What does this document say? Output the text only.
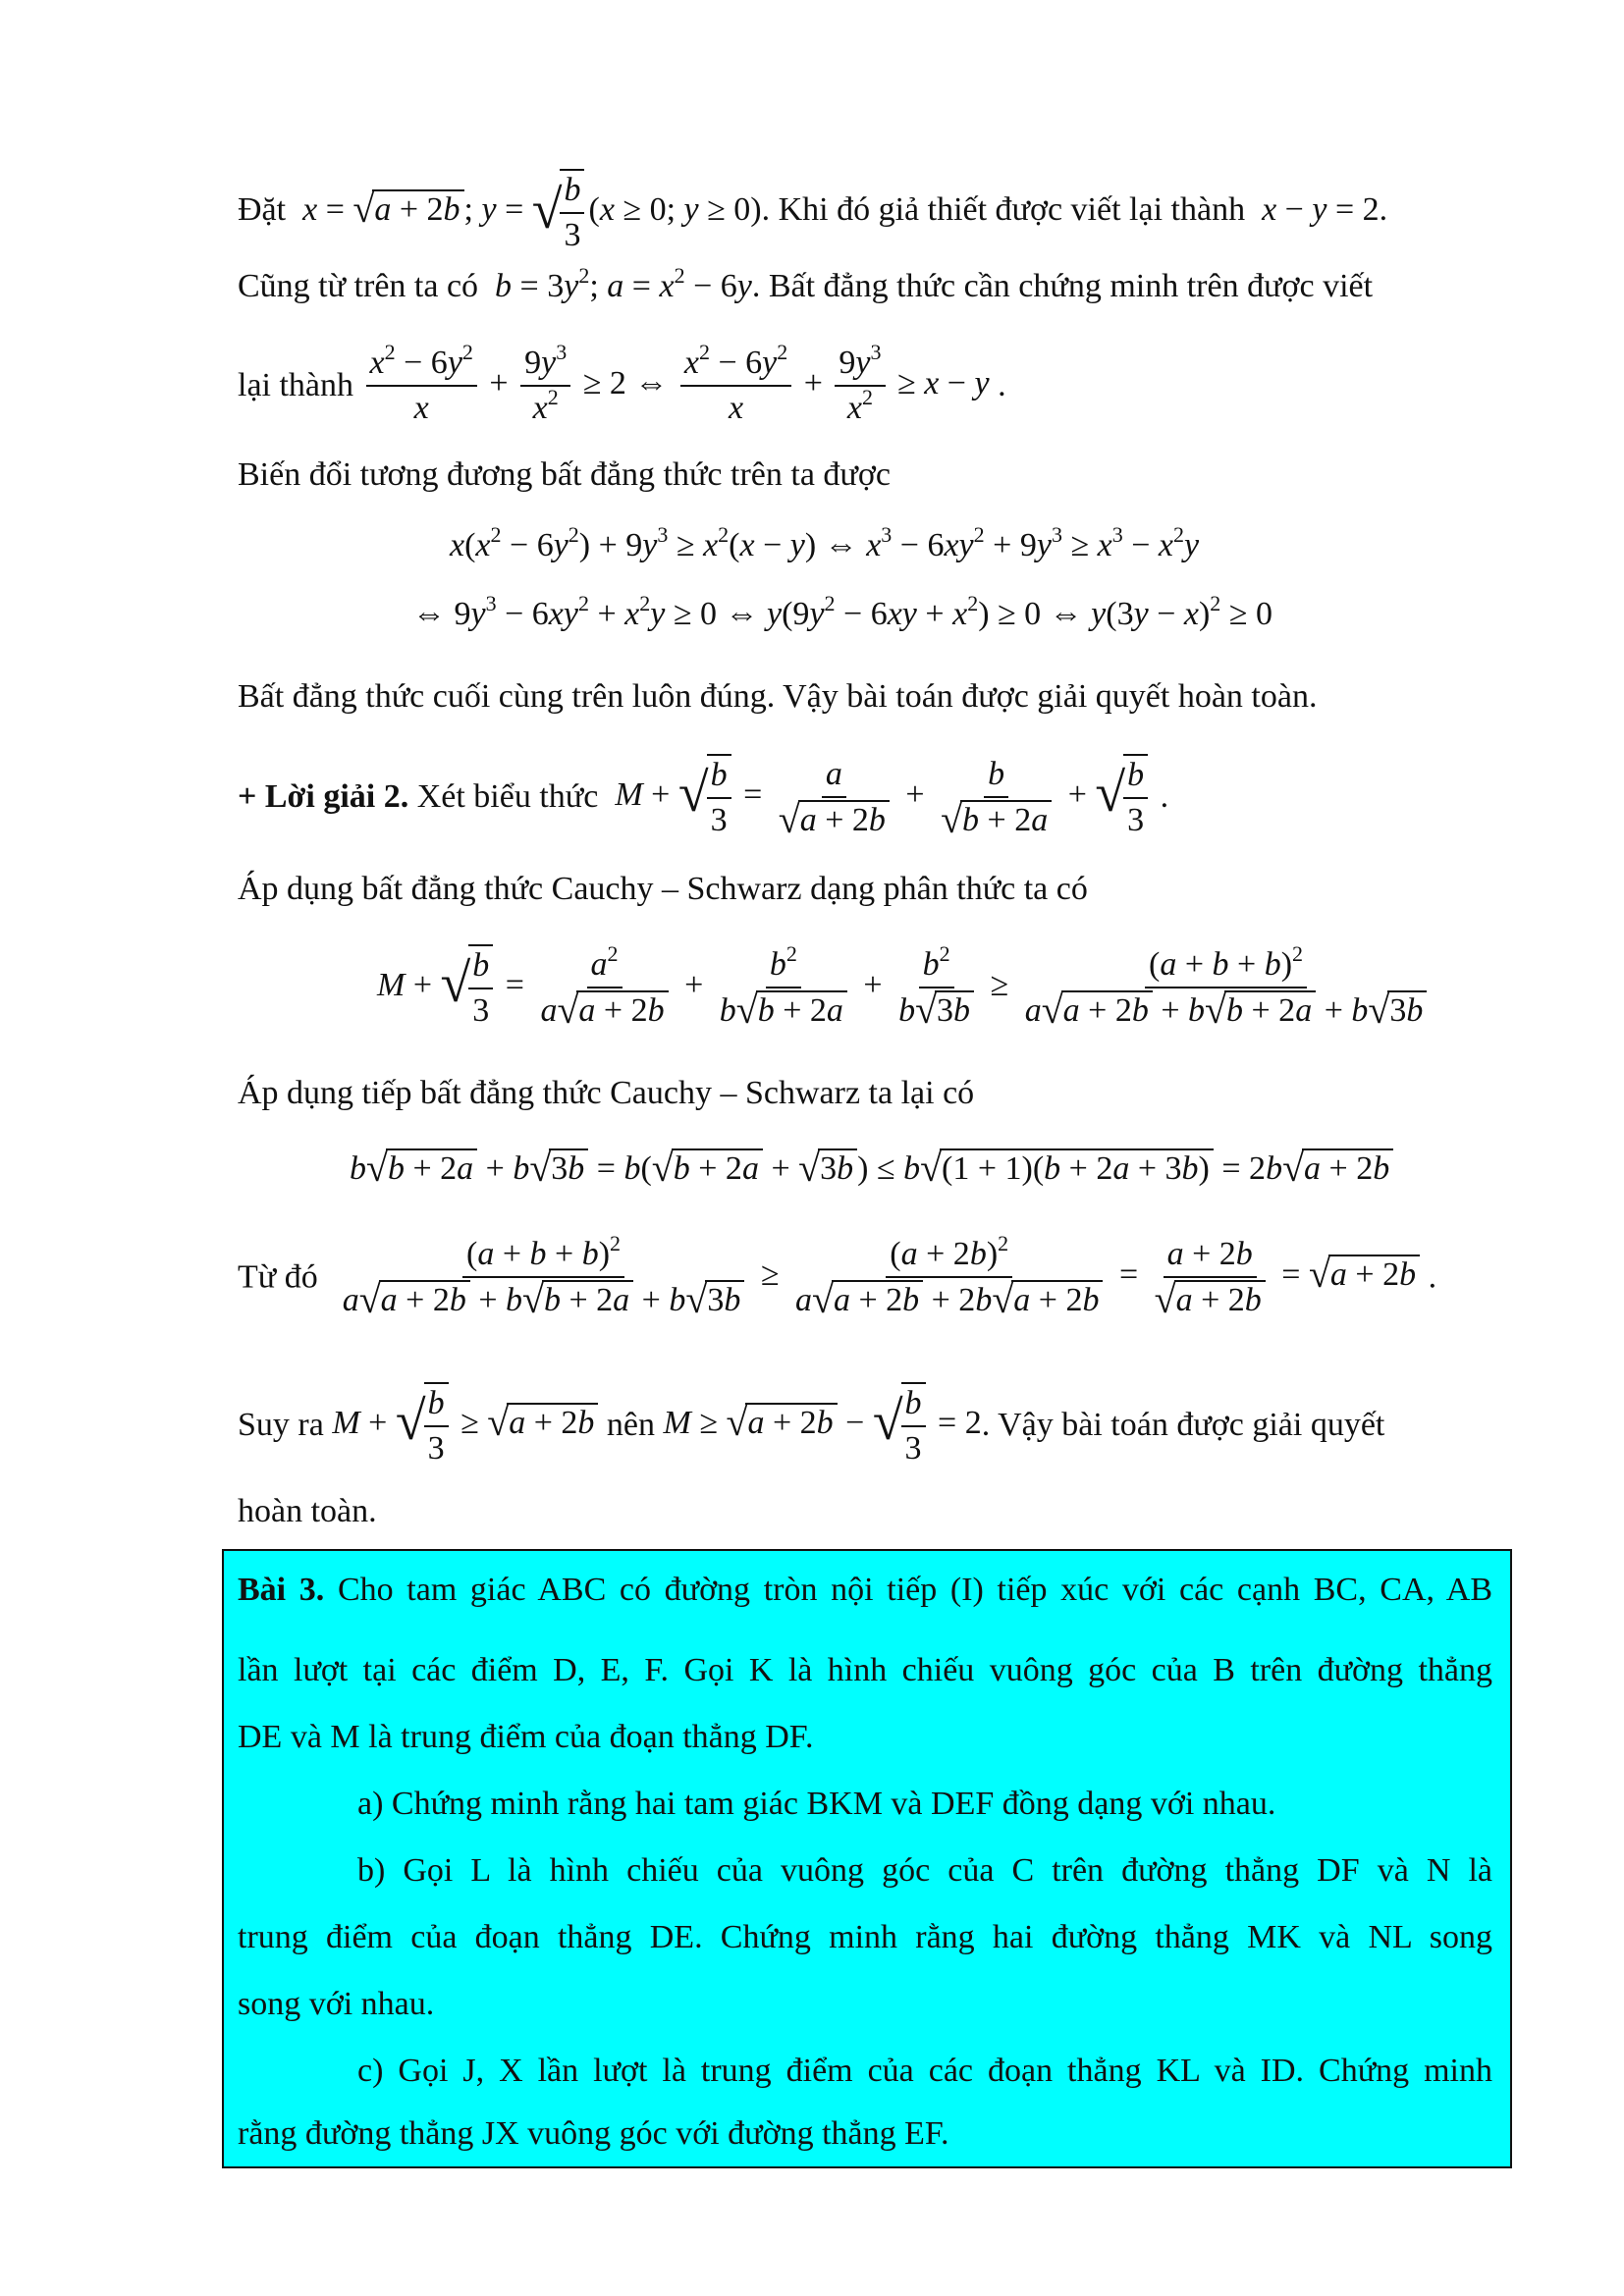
Đặt x = √a + 2b ; y = √
$\frac{b}{3} (x \ge 0$; y ≥ 0). Khi đó giả thiết được viết lại thành x − y = 2.
Cũng từ trên ta có $b = 3y^2$; $a = x^2 - 6y$. Bất đẳng thức cần chứng minh trên được viết
lại thành $\frac{x^2 - 6y^2}{x} + \frac{9y^3}{x^2} \ge 2$ ⇔ $\frac{x^2 - 6y^2}{x} + \frac{9y^3}{x^2} \ge x - y$ .
Biến đổi tương đương bất đẳng thức trên ta được
$x(x^2 - 6y^2) + 9y^3 \ge x^2(x - y)$ ⇔ $x^3 - 6xy^2 + 9y^3 \ge x^3 - x^2y$
⇔ $9y^3 - 6xy^2 + x^2y \ge 0$ ⇔ $y(9y^2 - 6xy + x^2) \ge 0$ ⇔ $y(3y - x)^2 \ge 0$
Bất đẳng thức cuối cùng trên luôn đúng. Vậy bài toán được giải quyết hoàn toàn.
+ Lời giải 2. Xét biểu thức M + √
$\frac{b}{3} = \frac{a}{√a + 2b} + \frac{b}{√b + 2a}$ + √
$\frac{b}{3}$ .
Áp dụng bất đẳng thức Cauchy – Schwarz dạng phân thức ta có
M + √
$\frac{b}{3} = \frac{a^2}{a√a + 2b} + \frac{b^2}{b√b + 2a} + \frac{b^2}{b√3b} \ge \frac{(a + b + b)^2}{a√a + 2b + b√b + 2a + b√3b}$
Áp dụng tiếp bất đẳng thức Cauchy – Schwarz ta lại có
b√b + 2a + b√3b = b(√b + 2a + √3b ) ≤ b√(1 + 1)(b + 2a + 3b) = 2b√a + 2b
Từ đó $\frac{(a + b + b)^2}{a√a + 2b + b√b + 2a + b√3b} \ge \frac{(a + 2b)^2}{a√a + 2b + 2b√a + 2b} = \frac{a + 2b}{√a + 2b} = √a + 2b$ .
Suy ra M + √
$\frac{b}{3} \ge √a + 2b$ nên M ≥ √a + 2b − √
$\frac{b}{3} = 2$. Vậy bài toán được giải quyết
hoàn toàn.
Bài 3. Cho tam giác ABC có đường tròn nội tiếp (I) tiếp xúc với các cạnh BC, CA, AB
lần lượt tại các điểm D, E, F. Gọi K là hình chiếu vuông góc của B trên đường thẳng
DE và M là trung điểm của đoạn thẳng DF.
a) Chứng minh rằng hai tam giác BKM và DEF đồng dạng với nhau.
b) Gọi L là hình chiếu của vuông góc của C trên đường thẳng DF và N là
trung điểm của đoạn thẳng DE. Chứng minh rằng hai đường thẳng MK và NL song
song với nhau.
c) Gọi J, X lần lượt là trung điểm của các đoạn thẳng KL và ID. Chứng minh
rằng đường thẳng JX vuông góc với đường thẳng EF.
